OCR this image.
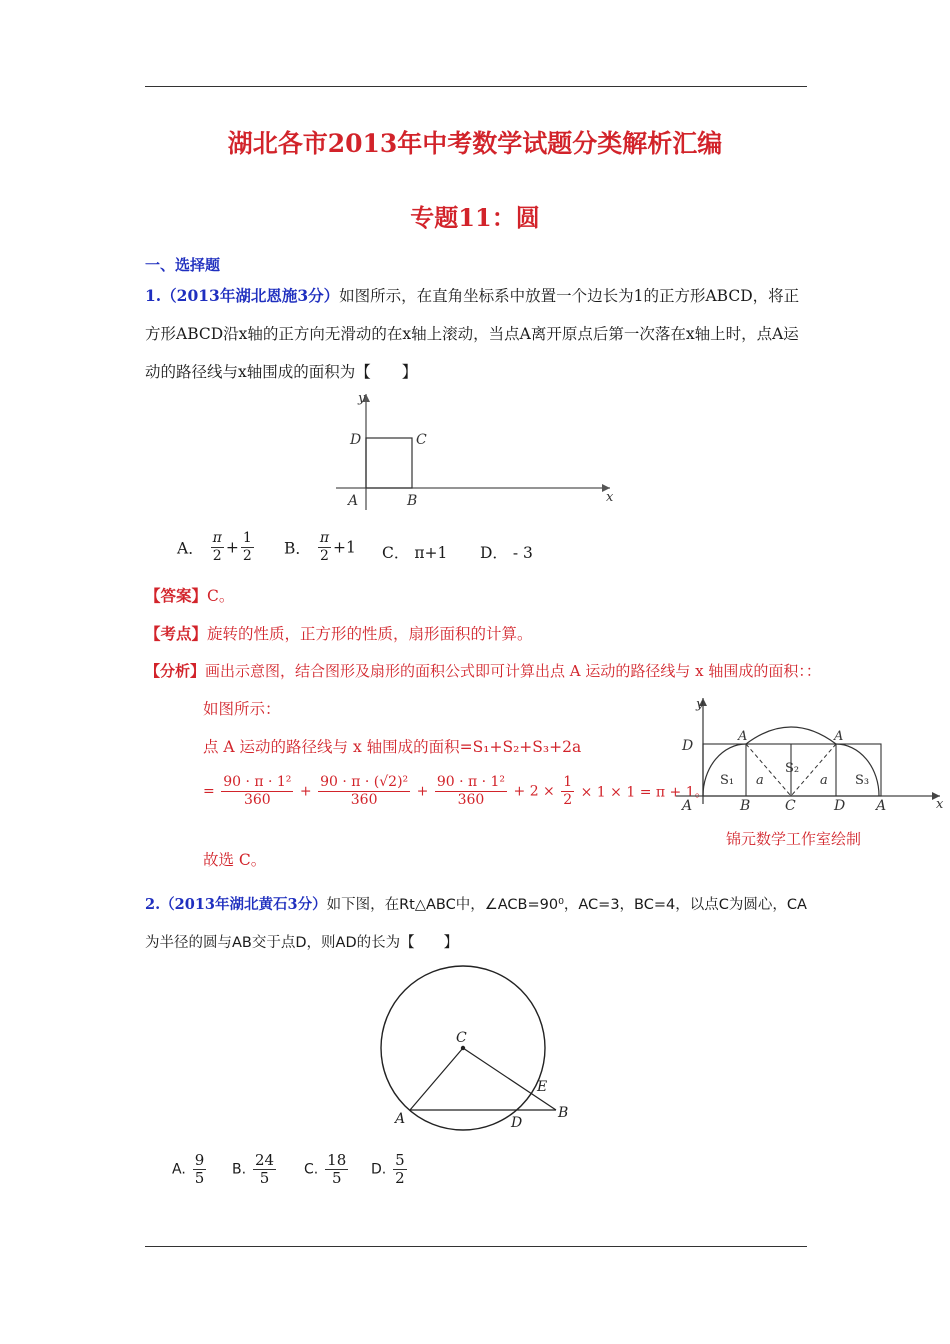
湖北各市2013年中考数学试题分类解析汇编
专题11：圆
一、选择题
1.（2013年湖北恩施3分）如图所示，在直角坐标系中放置一个边长为1的正方形ABCD，将正方形ABCD沿x轴的正方向无滑动的在x轴上滚动，当点A离开原点后第一次落在x轴上时，点A运动的路径线与x轴围成的面积为【　　】
y
x
D	C
A	B
A． $\frac{\pi}{2} + \frac{1}{2}$ B． $\frac{\pi}{2} +1$ C． π+1 D． - 3
【答案】C。
【考点】旋转的性质，正方形的性质，扇形面积的计算。
【分析】画出示意图，结合图形及扇形的面积公式即可计算出点 A 运动的路径线与 x 轴围成的面积：：
如图所示：
点 A 运动的路径线与 x 轴围成的面积=S₁+S₂+S₃+2a
= $\frac{\text{90 · π · 1²}}{360} + \frac{\text{90 · π · (√2)²}}{360} + \frac{\text{90 · π · 1²}}{360} + 2 \times \frac{1}{2} \times 1 \times 1 = \pi + 1$。
故选 C。
y
x
D
A	A
A	B C	D A
S₁
S₂
S₃
a	a
锦元数学工作室绘制
2.（2013年湖北黄石3分）如下图，在Rt△ABC中，∠ACB=90⁰，AC=3，BC=4，以点C为圆心，CA为半径的圆与AB交于点D，则AD的长为【　　】
C
E
A	D
B
A. $\frac{9}{5} B$. $\frac{24}{5} C$. $\frac{18}{5} D$. $\frac{5}{2}$
